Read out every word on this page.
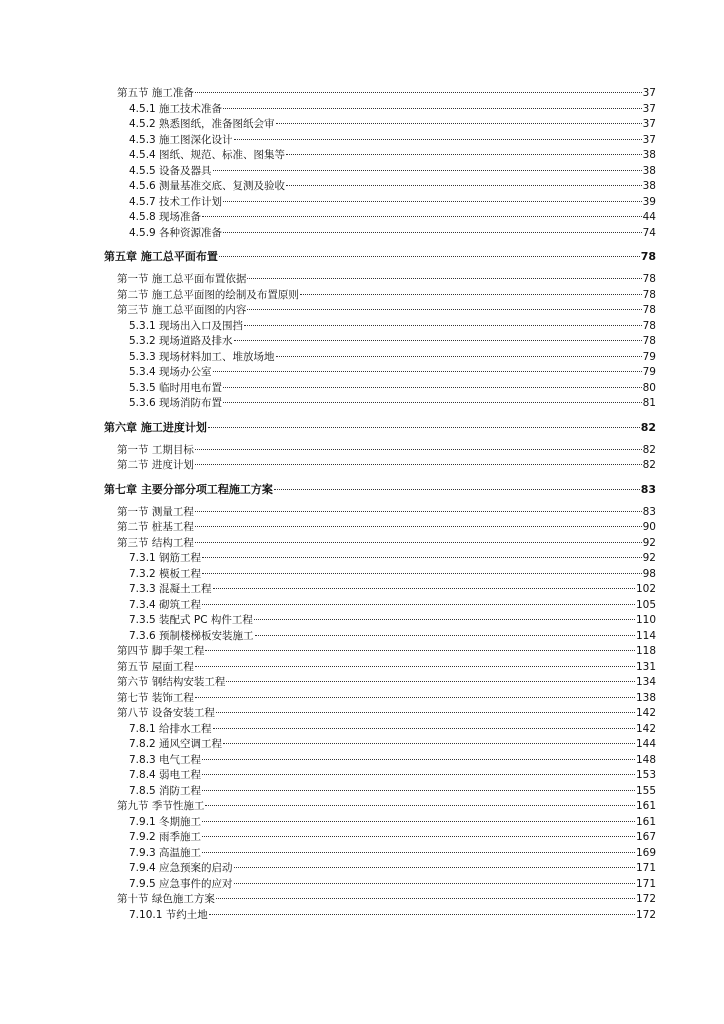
第五节 施工准备	37
4.5.1 施工技术准备	37
4.5.2 熟悉图纸，准备图纸会审	37
4.5.3 施工图深化设计	37
4.5.4 图纸、规范、标准、图集等	38
4.5.5 设备及器具	38
4.5.6 测量基准交底、复测及验收	38
4.5.7 技术工作计划	39
4.5.8 现场准备	44
4.5.9 各种资源准备	74
第五章 施工总平面布置	78
第一节 施工总平面布置依据	78
第二节 施工总平面图的绘制及布置原则	78
第三节 施工总平面图的内容	78
5.3.1 现场出入口及围挡	78
5.3.2 现场道路及排水	78
5.3.3 现场材料加工、堆放场地	79
5.3.4 现场办公室	79
5.3.5 临时用电布置	80
5.3.6 现场消防布置	81
第六章 施工进度计划	82
第一节 工期目标	82
第二节 进度计划	82
第七章 主要分部分项工程施工方案	83
第一节 测量工程	83
第二节 桩基工程	90
第三节 结构工程	92
7.3.1 钢筋工程	92
7.3.2 模板工程	98
7.3.3 混凝土工程	102
7.3.4 砌筑工程	105
7.3.5 装配式 PC 构件工程	110
7.3.6 预制楼梯板安装施工	114
第四节 脚手架工程	118
第五节 屋面工程	131
第六节 钢结构安装工程	134
第七节 装饰工程	138
第八节 设备安装工程	142
7.8.1 给排水工程	142
7.8.2 通风空调工程	144
7.8.3 电气工程	148
7.8.4 弱电工程	153
7.8.5 消防工程	155
第九节 季节性施工	161
7.9.1 冬期施工	161
7.9.2 雨季施工	167
7.9.3 高温施工	169
7.9.4 应急预案的启动	171
7.9.5 应急事件的应对	171
第十节 绿色施工方案	172
7.10.1 节约土地	172
